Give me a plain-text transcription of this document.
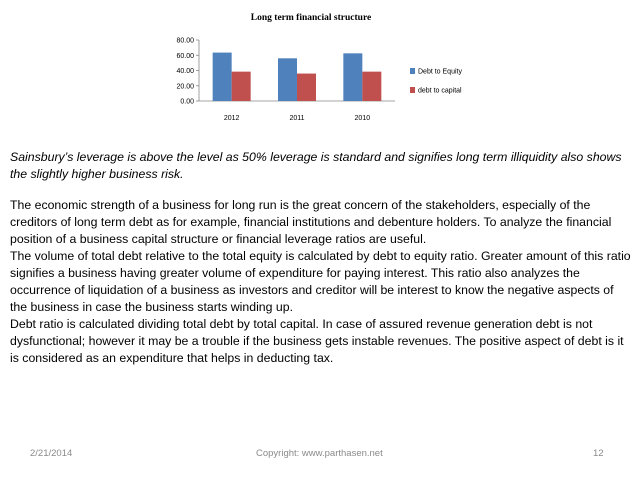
Long term financial structure
0.00
20.00
40.00
60.00
80.00
2012	2011	2010
Debt to Equity
debt to capital
Sainsbury’s leverage is above the level as 50% leverage is standard and signifies long term illiquidity also shows the slightly higher business risk.
The economic strength of a business for long run is the great concern of the stakeholders, especially of the creditors of long term debt as for example, financial institutions and debenture holders. To analyze the financial position of a business capital structure or financial leverage ratios are useful.
The volume of total debt relative to the total equity is calculated by debt to equity ratio. Greater amount of this ratio signifies a business having greater volume of expenditure for paying interest. This ratio also analyzes the occurrence of liquidation of a business as investors and creditor will be interest to know the negative aspects of the business in case the business starts winding up.
Debt ratio is calculated dividing total debt by total capital. In case of assured revenue generation debt is not dysfunctional; however it may be a trouble if the business gets instable revenues. The positive aspect of debt is it is considered as an expenditure that helps in deducting tax.
2/21/2014	Copyright: www.parthasen.net	12
